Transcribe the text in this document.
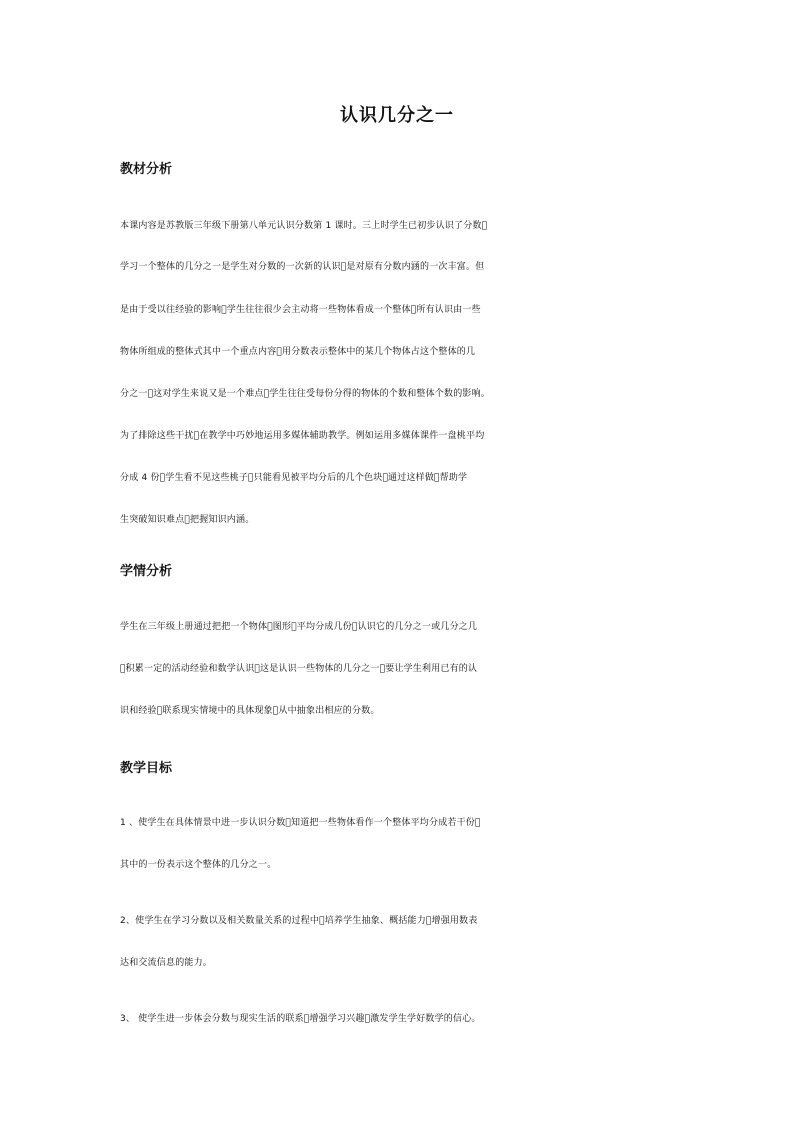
认识几分之一
教材分析
本课内容是苏教版三年级下册第八单元认识分数第 1 课时。三上时学生已初步认识了分数
学习一个整体的几分之一是学生对分数的一次新的认识 是对原有分数内涵的一次丰富。但
是由于受以往经验的影响 学生往往很少会主动将一些物体看成一个整体 所有认识由一些
物体所组成的整体式其中一个重点内容 用分数表示整体中的某几个物体占这个整体的几
分之一 这对学生来说又是一个难点 学生往往受每份分得的物体的个数和整体个数的影响。
为了排除这些干扰 在教学中巧妙地运用多媒体辅助教学。例如运用多媒体课件一盘桃平均
分成 4 份 学生看不见这些桃子 只能看见被平均分后的几个色块 通过这样做 帮助学
生突破知识难点 把握知识内涵。
学情分析
学生在三年级上册通过把把一个物体 图形 平均分成几份 认识它的几分之一或几分之几
积累一定的活动经验和数学认识 这是认识一些物体的几分之一 要让学生利用已有的认
识和经验 联系现实情境中的具体现象 从中抽象出相应的分数。
教学目标
1 、使学生在具体情景中进一步认识分数 知道把一些物体看作一个整体平均分成若干份
其中的一份表示这个整体的几分之一。
2、使学生在学习分数以及相关数量关系的过程中 培养学生抽象、概括能力 增强用数表
达和交流信息的能力。
3、 使学生进一步体会分数与现实生活的联系 增强学习兴趣 激发学生学好数学的信心。
